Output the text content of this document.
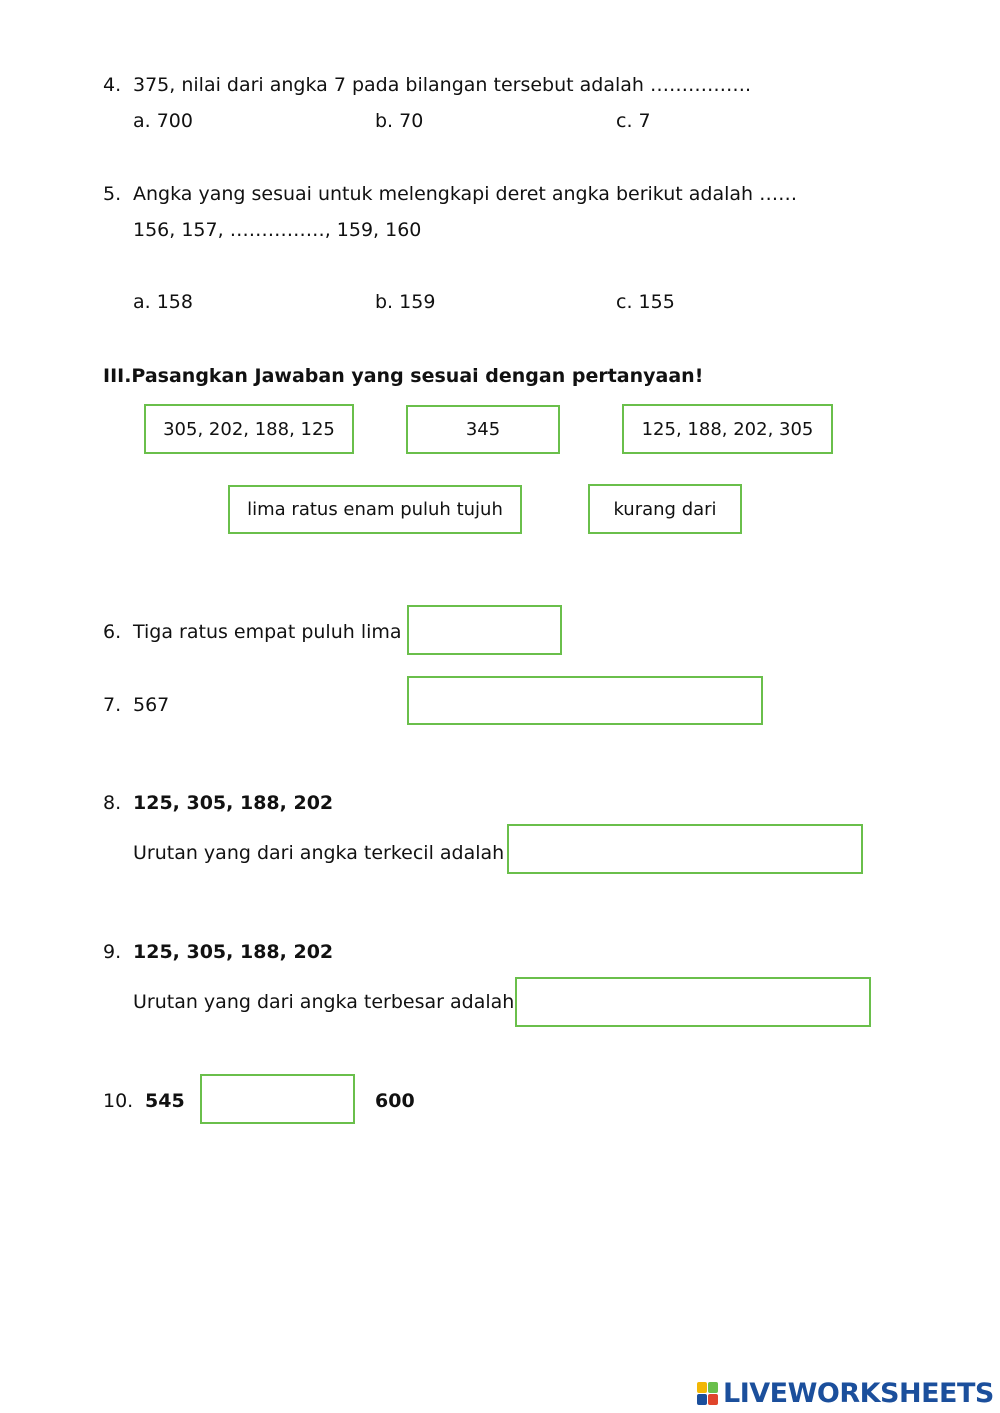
4. 375, nilai dari angka 7 pada bilangan tersebut adalah …………….
a. 700	b. 70	c. 7
5. Angka yang sesuai untuk melengkapi deret angka berikut adalah ……
156, 157, ……………, 159, 160
a. 158	b. 159	c. 155
III.Pasangkan Jawaban yang sesuai dengan pertanyaan!
305, 202, 188, 125	345	125, 188, 202, 305
lima ratus enam puluh tujuh	kurang dari
6. Tiga ratus empat puluh lima
7. 567
8. 125, 305, 188, 202
Urutan yang dari angka terkecil adalah
9. 125, 305, 188, 202
Urutan yang dari angka terbesar adalah
10. 545	600
LIVEWORKSHEETS
